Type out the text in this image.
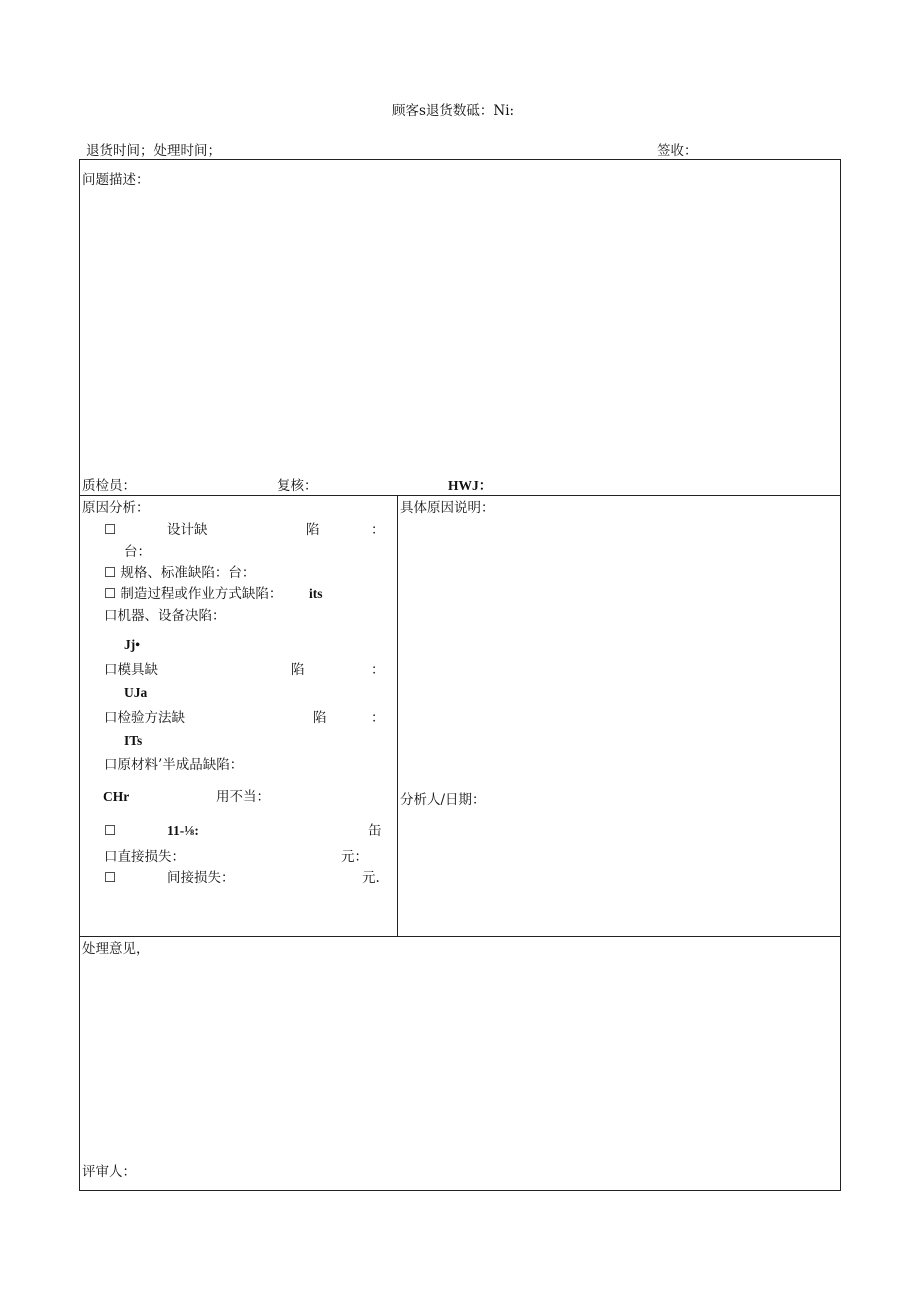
顾客s退货数砥：Ni:
退货时间；处理时间；	签收：
问题描述：
质检员：	复核：	HWJ：
原因分析：
☐	设计缺	陷	：
台：
☐ 规格、标准缺陷：台：
☐ 制造过程或作业方式缺陷： its
口机器、设备决陷：
Jj•
口模具缺	陷	：
UJa
口检验方法缺	陷	：
ITs
口原材料’半成品缺陷：
CHr	用不当：
☐	11-⅛:	缶
口直接损失：	元：
☐	间接损失：	元.
具体原因说明：
分析人/日期：
处理意见，
评审人：
